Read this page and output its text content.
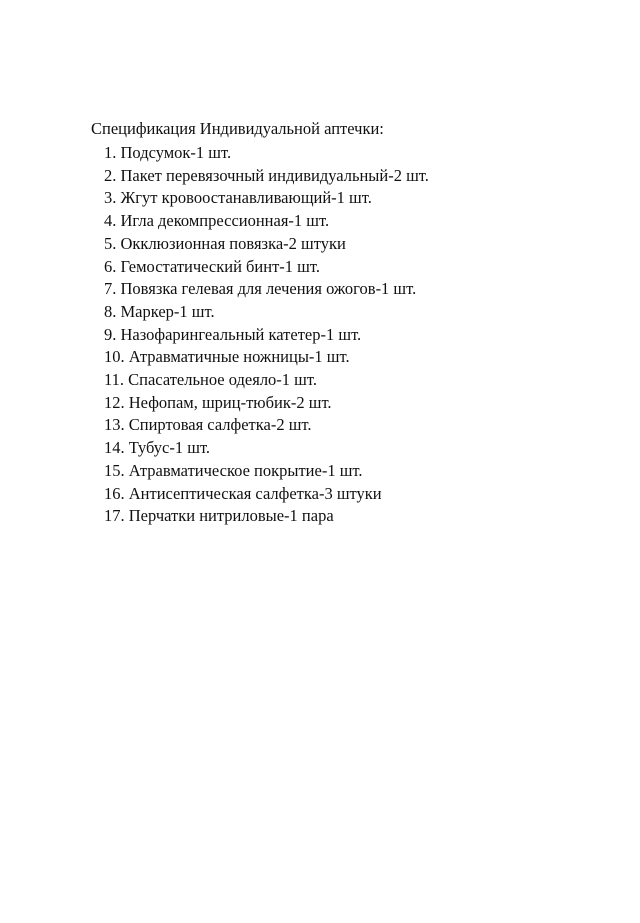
Спецификация Индивидуальной аптечки:
1. Подсумок-1 шт.
2. Пакет перевязочный индивидуальный-2 шт.
3. Жгут кровоостанавливающий-1 шт.
4. Игла декомпрессионная-1 шт.
5. Окклюзионная повязка-2 штуки
6. Гемостатический бинт-1 шт.
7. Повязка гелевая для лечения ожогов-1 шт.
8. Маркер-1 шт.
9. Назофарингеальный катетер-1 шт.
10. Атравматичные ножницы-1 шт.
11. Спасательное одеяло-1 шт.
12. Нефопам, шриц-тюбик-2 шт.
13. Спиртовая салфетка-2 шт.
14. Тубус-1 шт.
15. Атравматическое покрытие-1 шт.
16. Антисептическая салфетка-3 штуки
17. Перчатки нитриловые-1 пара
